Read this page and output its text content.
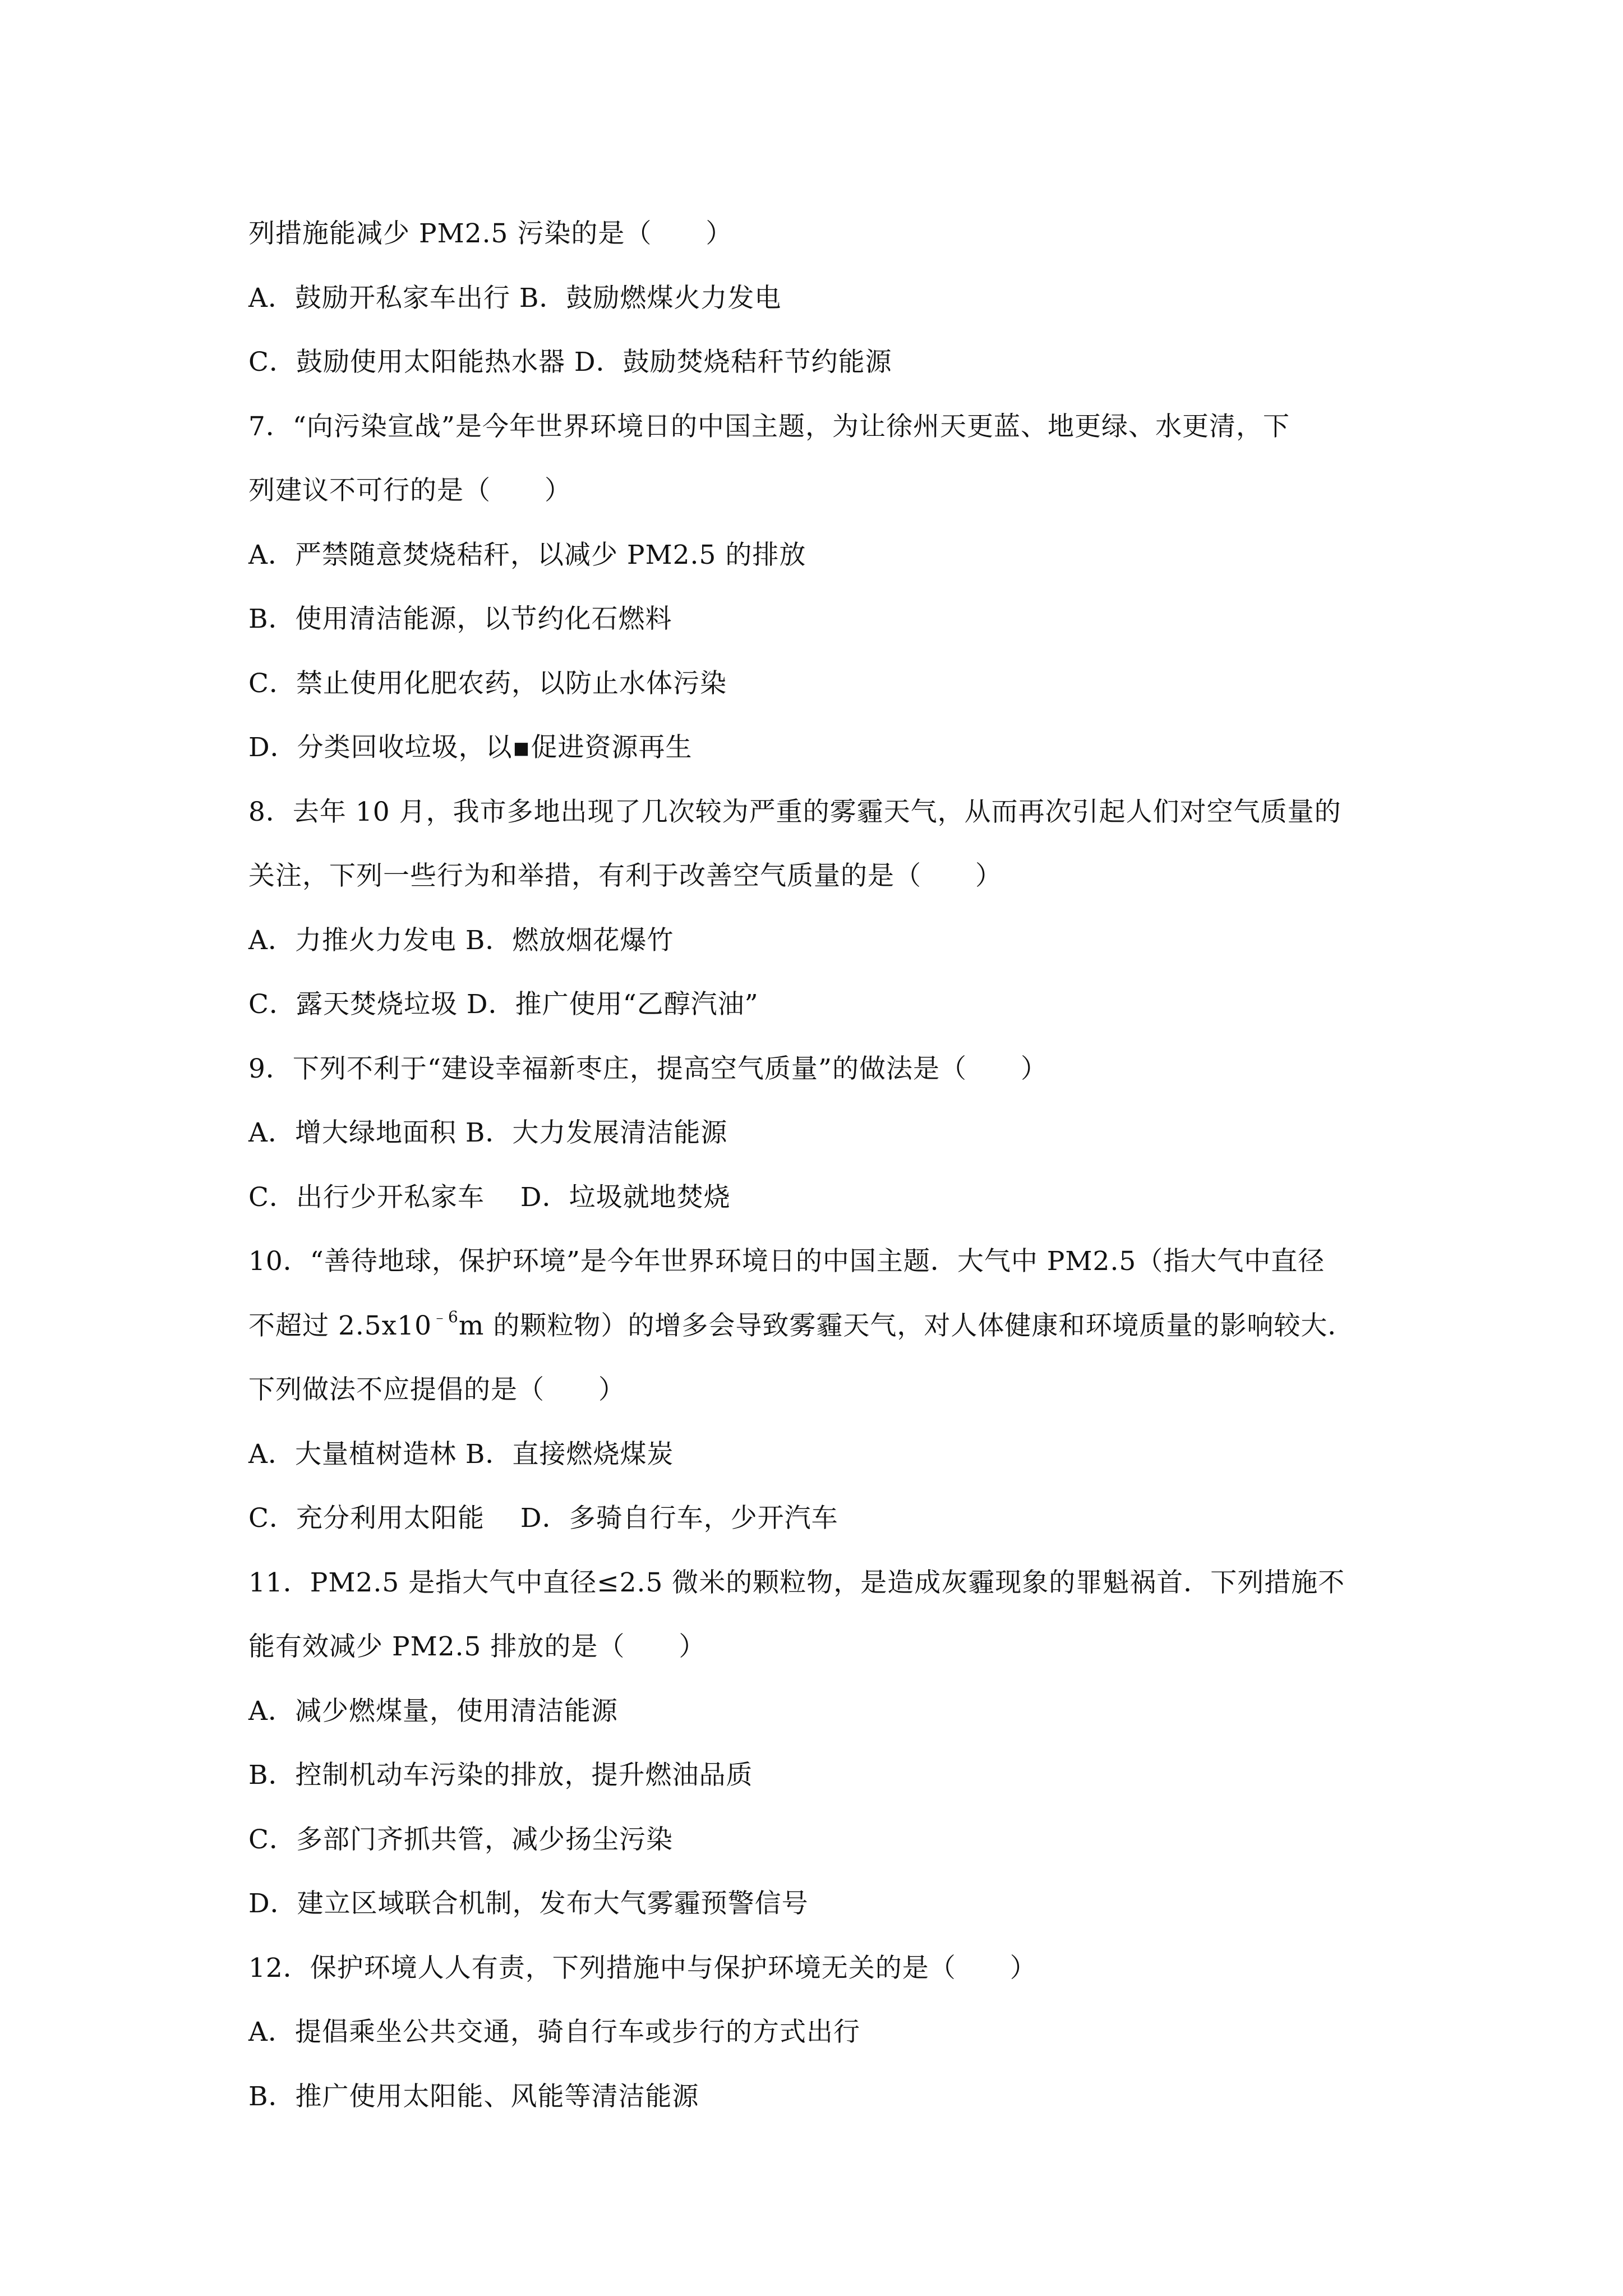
列措施能减少 PM2.5 污染的是（　　）
A．鼓励开私家车出行 B．鼓励燃煤火力发电
C．鼓励使用太阳能热水器 D．鼓励焚烧秸秆节约能源
7．“向污染宣战”是今年世界环境日的中国主题，为让徐州天更蓝、地更绿、水更清，下
列建议不可行的是（　　）
A．严禁随意焚烧秸秆，以减少 PM2.5 的排放
B．使用清洁能源，以节约化石燃料
C．禁止使用化肥农药，以防止水体污染
D．分类回收垃圾，以▪促进资源再生
8．去年 10 月，我市多地出现了几次较为严重的雾霾天气，从而再次引起人们对空气质量的
关注，下列一些行为和举措，有利于改善空气质量的是（　　）
A．力推火力发电 B．燃放烟花爆竹
C．露天焚烧垃圾 D．推广使用“乙醇汽油”
9．下列不利于“建设幸福新枣庄，提高空气质量”的做法是（　　）
A．增大绿地面积 B．大力发展清洁能源
C．出行少开私家车　 D．垃圾就地焚烧
10．“善待地球，保护环境”是今年世界环境日的中国主题．大气中 PM2.5（指大气中直径
不超过 $2.5x10^{﹣6}m$ 的颗粒物）的增多会导致雾霾天气，对人体健康和环境质量的影响较大．
下列做法不应提倡的是（　　）
A．大量植树造林 B．直接燃烧煤炭
C．充分利用太阳能　 D．多骑自行车，少开汽车
11．PM2.5 是指大气中直径≤2.5 微米的颗粒物，是造成灰霾现象的罪魁祸首．下列措施不
能有效减少 PM2.5 排放的是（　　）
A．减少燃煤量，使用清洁能源
B．控制机动车污染的排放，提升燃油品质
C．多部门齐抓共管，减少扬尘污染
D．建立区域联合机制，发布大气雾霾预警信号
12．保护环境人人有责，下列措施中与保护环境无关的是（　　）
A．提倡乘坐公共交通，骑自行车或步行的方式出行
B．推广使用太阳能、风能等清洁能源
